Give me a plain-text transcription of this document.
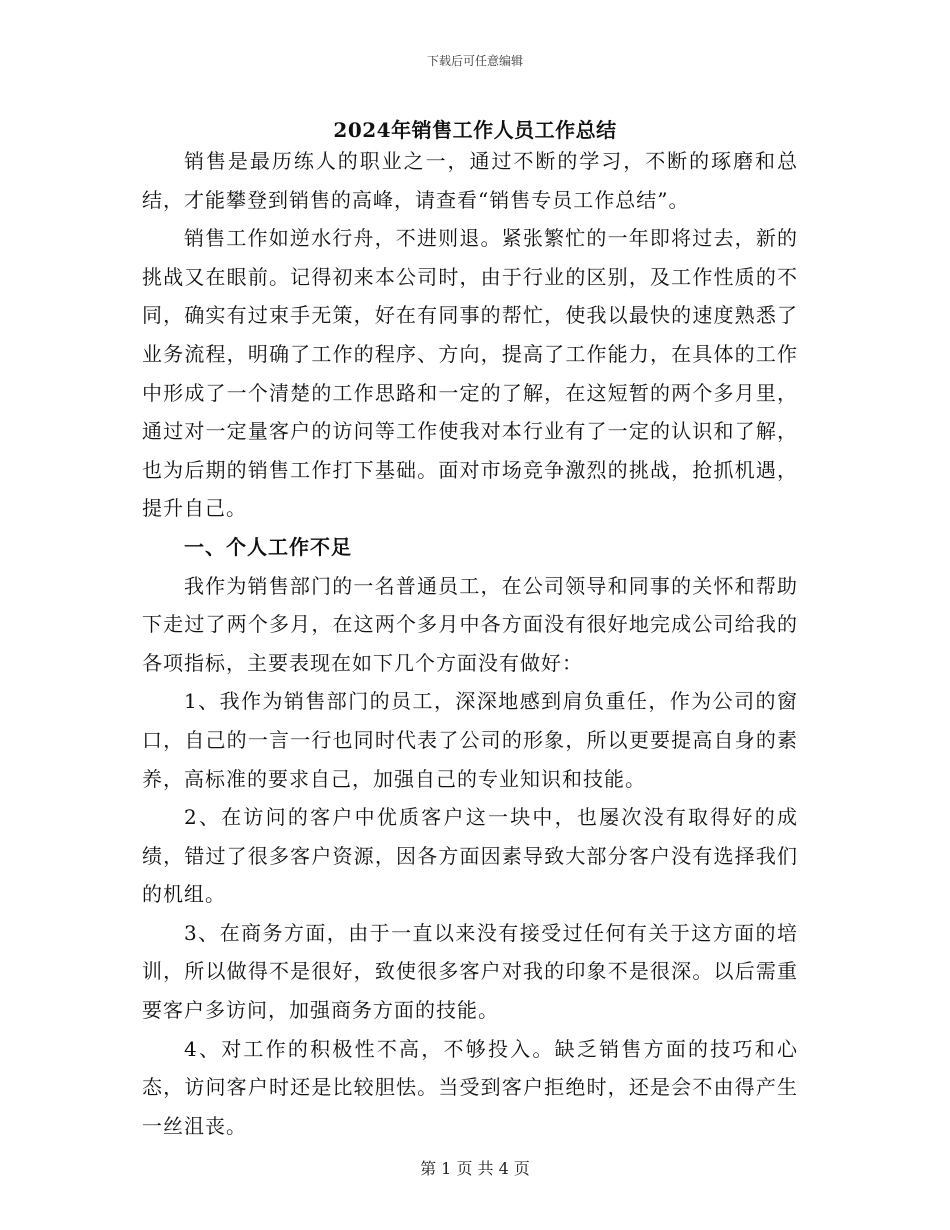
下载后可任意编辑
2024年销售工作人员工作总结

销售是最历练人的职业之一，通过不断的学习，不断的琢磨和总结，才能攀登到销售的高峰，请查看“销售专员工作总结”。

销售工作如逆水行舟，不进则退。紧张繁忙的一年即将过去，新的挑战又在眼前。记得初来本公司时，由于行业的区别，及工作性质的不同，确实有过束手无策，好在有同事的帮忙，使我以最快的速度熟悉了业务流程，明确了工作的程序、方向，提高了工作能力，在具体的工作中形成了一个清楚的工作思路和一定的了解，在这短暂的两个多月里，通过对一定量客户的访问等工作使我对本行业有了一定的认识和了解，也为后期的销售工作打下基础。面对市场竞争激烈的挑战，抢抓机遇，提升自己。

一、个人工作不足

我作为销售部门的一名普通员工，在公司领导和同事的关怀和帮助下走过了两个多月，在这两个多月中各方面没有很好地完成公司给我的各项指标，主要表现在如下几个方面没有做好：

1、我作为销售部门的员工，深深地感到肩负重任，作为公司的窗口，自己的一言一行也同时代表了公司的形象，所以更要提高自身的素养，高标准的要求自己，加强自己的专业知识和技能。

2、在访问的客户中优质客户这一块中，也屡次没有取得好的成绩，错过了很多客户资源，因各方面因素导致大部分客户没有选择我们的机组。

3、在商务方面，由于一直以来没有接受过任何有关于这方面的培训，所以做得不是很好，致使很多客户对我的印象不是很深。以后需重要客户多访问，加强商务方面的技能。

4、对工作的积极性不高，不够投入。缺乏销售方面的技巧和心态，访问客户时还是比较胆怯。当受到客户拒绝时，还是会不由得产生一丝沮丧。

第 1 页 共 4 页
